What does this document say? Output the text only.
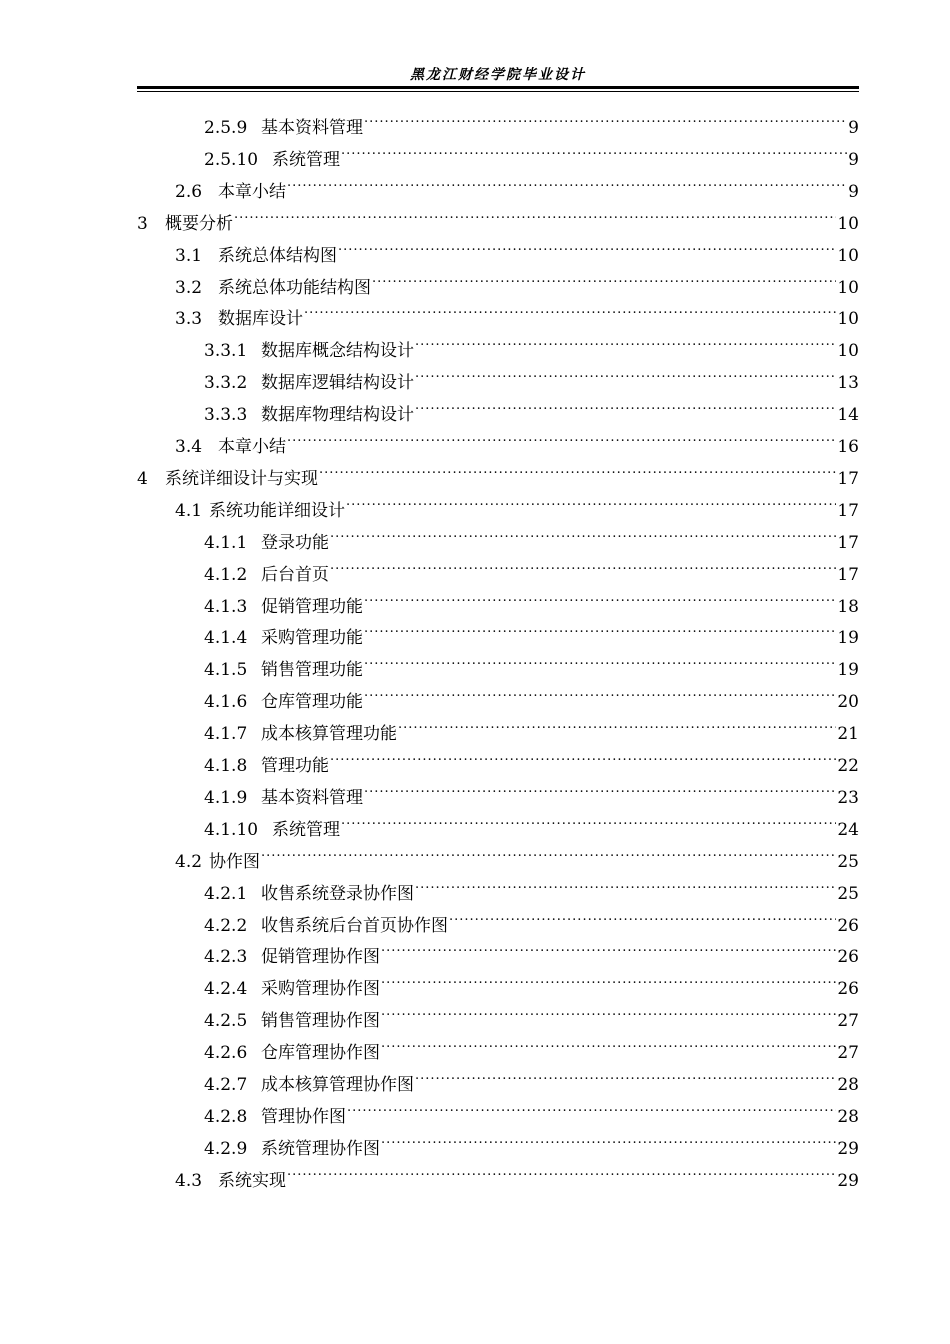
黑龙江财经学院毕业设计
2.5.9 基本资料管理 .....	9
2.5.10 系统管理 .....	9
2.6 本章小结 .....	9
3	概要分析 .....	10
3.1 系统总体结构图 .....	10
3.2 系统总体功能结构图 .....	10
3.3 数据库设计 .....	10
3.3.1 数据库概念结构设计 .....	10
3.3.2 数据库逻辑结构设计 .....	13
3.3.3 数据库物理结构设计 .....	14
3.4 本章小结 .....	16
4	系统详细设计与实现 .....	17
4.1 系统功能详细设计 .....	17
4.1.1 登录功能 .....	17
4.1.2 后台首页 .....	17
4.1.3 促销管理功能 .....	18
4.1.4 采购管理功能 .....	19
4.1.5 销售管理功能 .....	19
4.1.6 仓库管理功能 .....	20
4.1.7 成本核算管理功能 .....	21
4.1.8 管理功能 .....	22
4.1.9 基本资料管理 .....	23
4.1.10 系统管理 .....	24
4.2 协作图 .....	25
4.2.1 收售系统登录协作图 .....	25
4.2.2 收售系统后台首页协作图 .....	26
4.2.3 促销管理协作图 .....	26
4.2.4 采购管理协作图 .....	26
4.2.5 销售管理协作图 .....	27
4.2.6 仓库管理协作图 .....	27
4.2.7 成本核算管理协作图 .....	28
4.2.8 管理协作图 .....	28
4.2.9 系统管理协作图 .....	29
4.3 系统实现 .....	29
